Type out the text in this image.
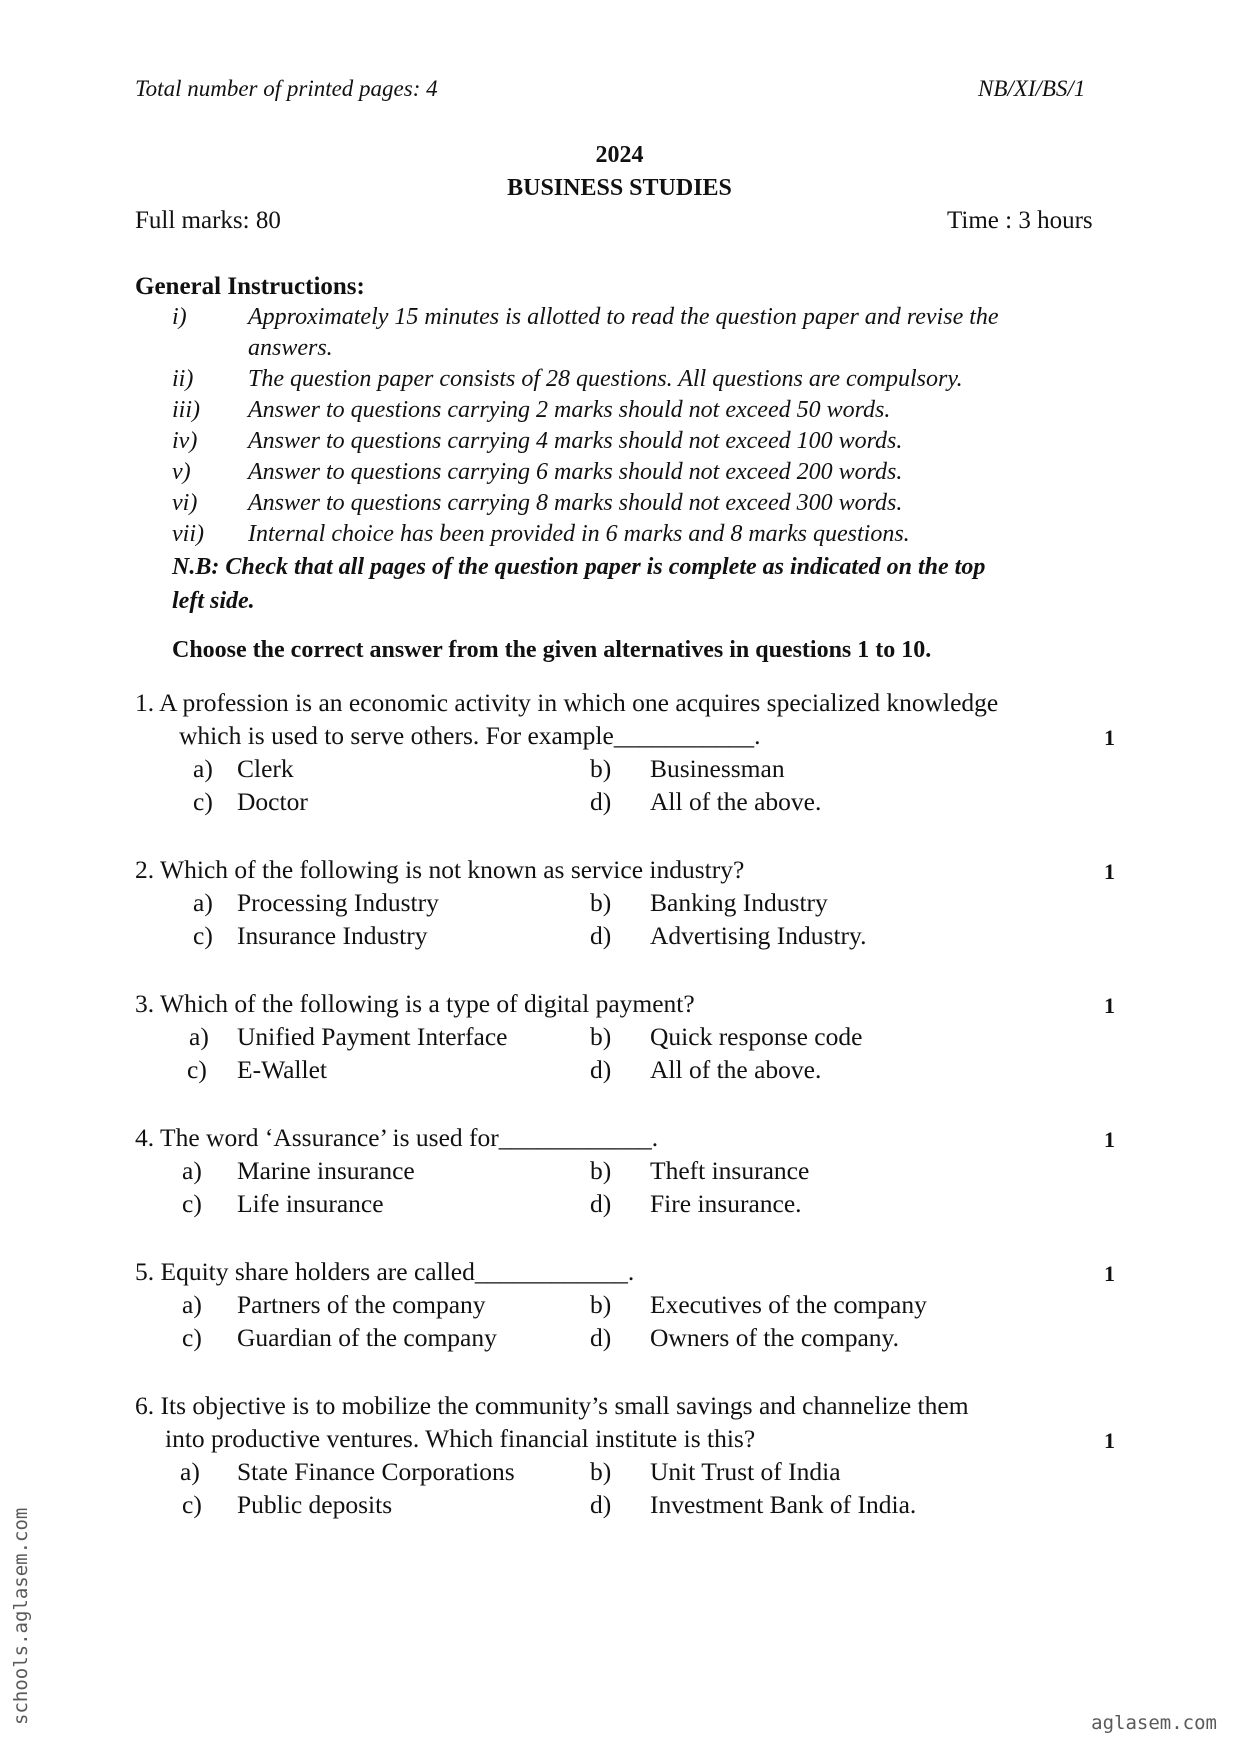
Total number of printed pages: 4	NB/XI/BS/1
2024
BUSINESS STUDIES
Full marks: 80	Time : 3 hours
General Instructions:
i)	Approximately 15 minutes is allotted to read the question paper and revise the
answers.
ii) The question paper consists of 28 questions. All questions are compulsory.
iii) Answer to questions carrying 2 marks should not exceed 50 words.
iv) Answer to questions carrying 4 marks should not exceed 100 words.
v) Answer to questions carrying 6 marks should not exceed 200 words.
vi) Answer to questions carrying 8 marks should not exceed 300 words.
vii) Internal choice has been provided in 6 marks and 8 marks questions.
N.B: Check that all pages of the question paper is complete as indicated on the top
left side.
Choose the correct answer from the given alternatives in questions 1 to 10.
1. A profession is an economic activity in which one acquires specialized knowledge
which is used to serve others. For example___________.	1
a) Clerk	b) Businessman
c) Doctor	d) All of the above.
2. Which of the following is not known as service industry?	1
a) Processing Industry	b) Banking Industry
c) Insurance Industry	d) Advertising Industry.
3. Which of the following is a type of digital payment?	1
a) Unified Payment Interface	b) Quick response code
c) E-Wallet	d) All of the above.
4. The word ‘Assurance’ is used for____________.	1
a) Marine insurance	b) Theft insurance
c) Life insurance	d) Fire insurance.
5. Equity share holders are called____________.	1
a) Partners of the company	b) Executives of the company
c) Guardian of the company	d) Owners of the company.
6. Its objective is to mobilize the community’s small savings and channelize them
into productive ventures. Which financial institute is this?	1
a) State Finance Corporations	b) Unit Trust of India
c) Public deposits	d) Investment Bank of India.
schools.aglasem.com	aglasem.com
